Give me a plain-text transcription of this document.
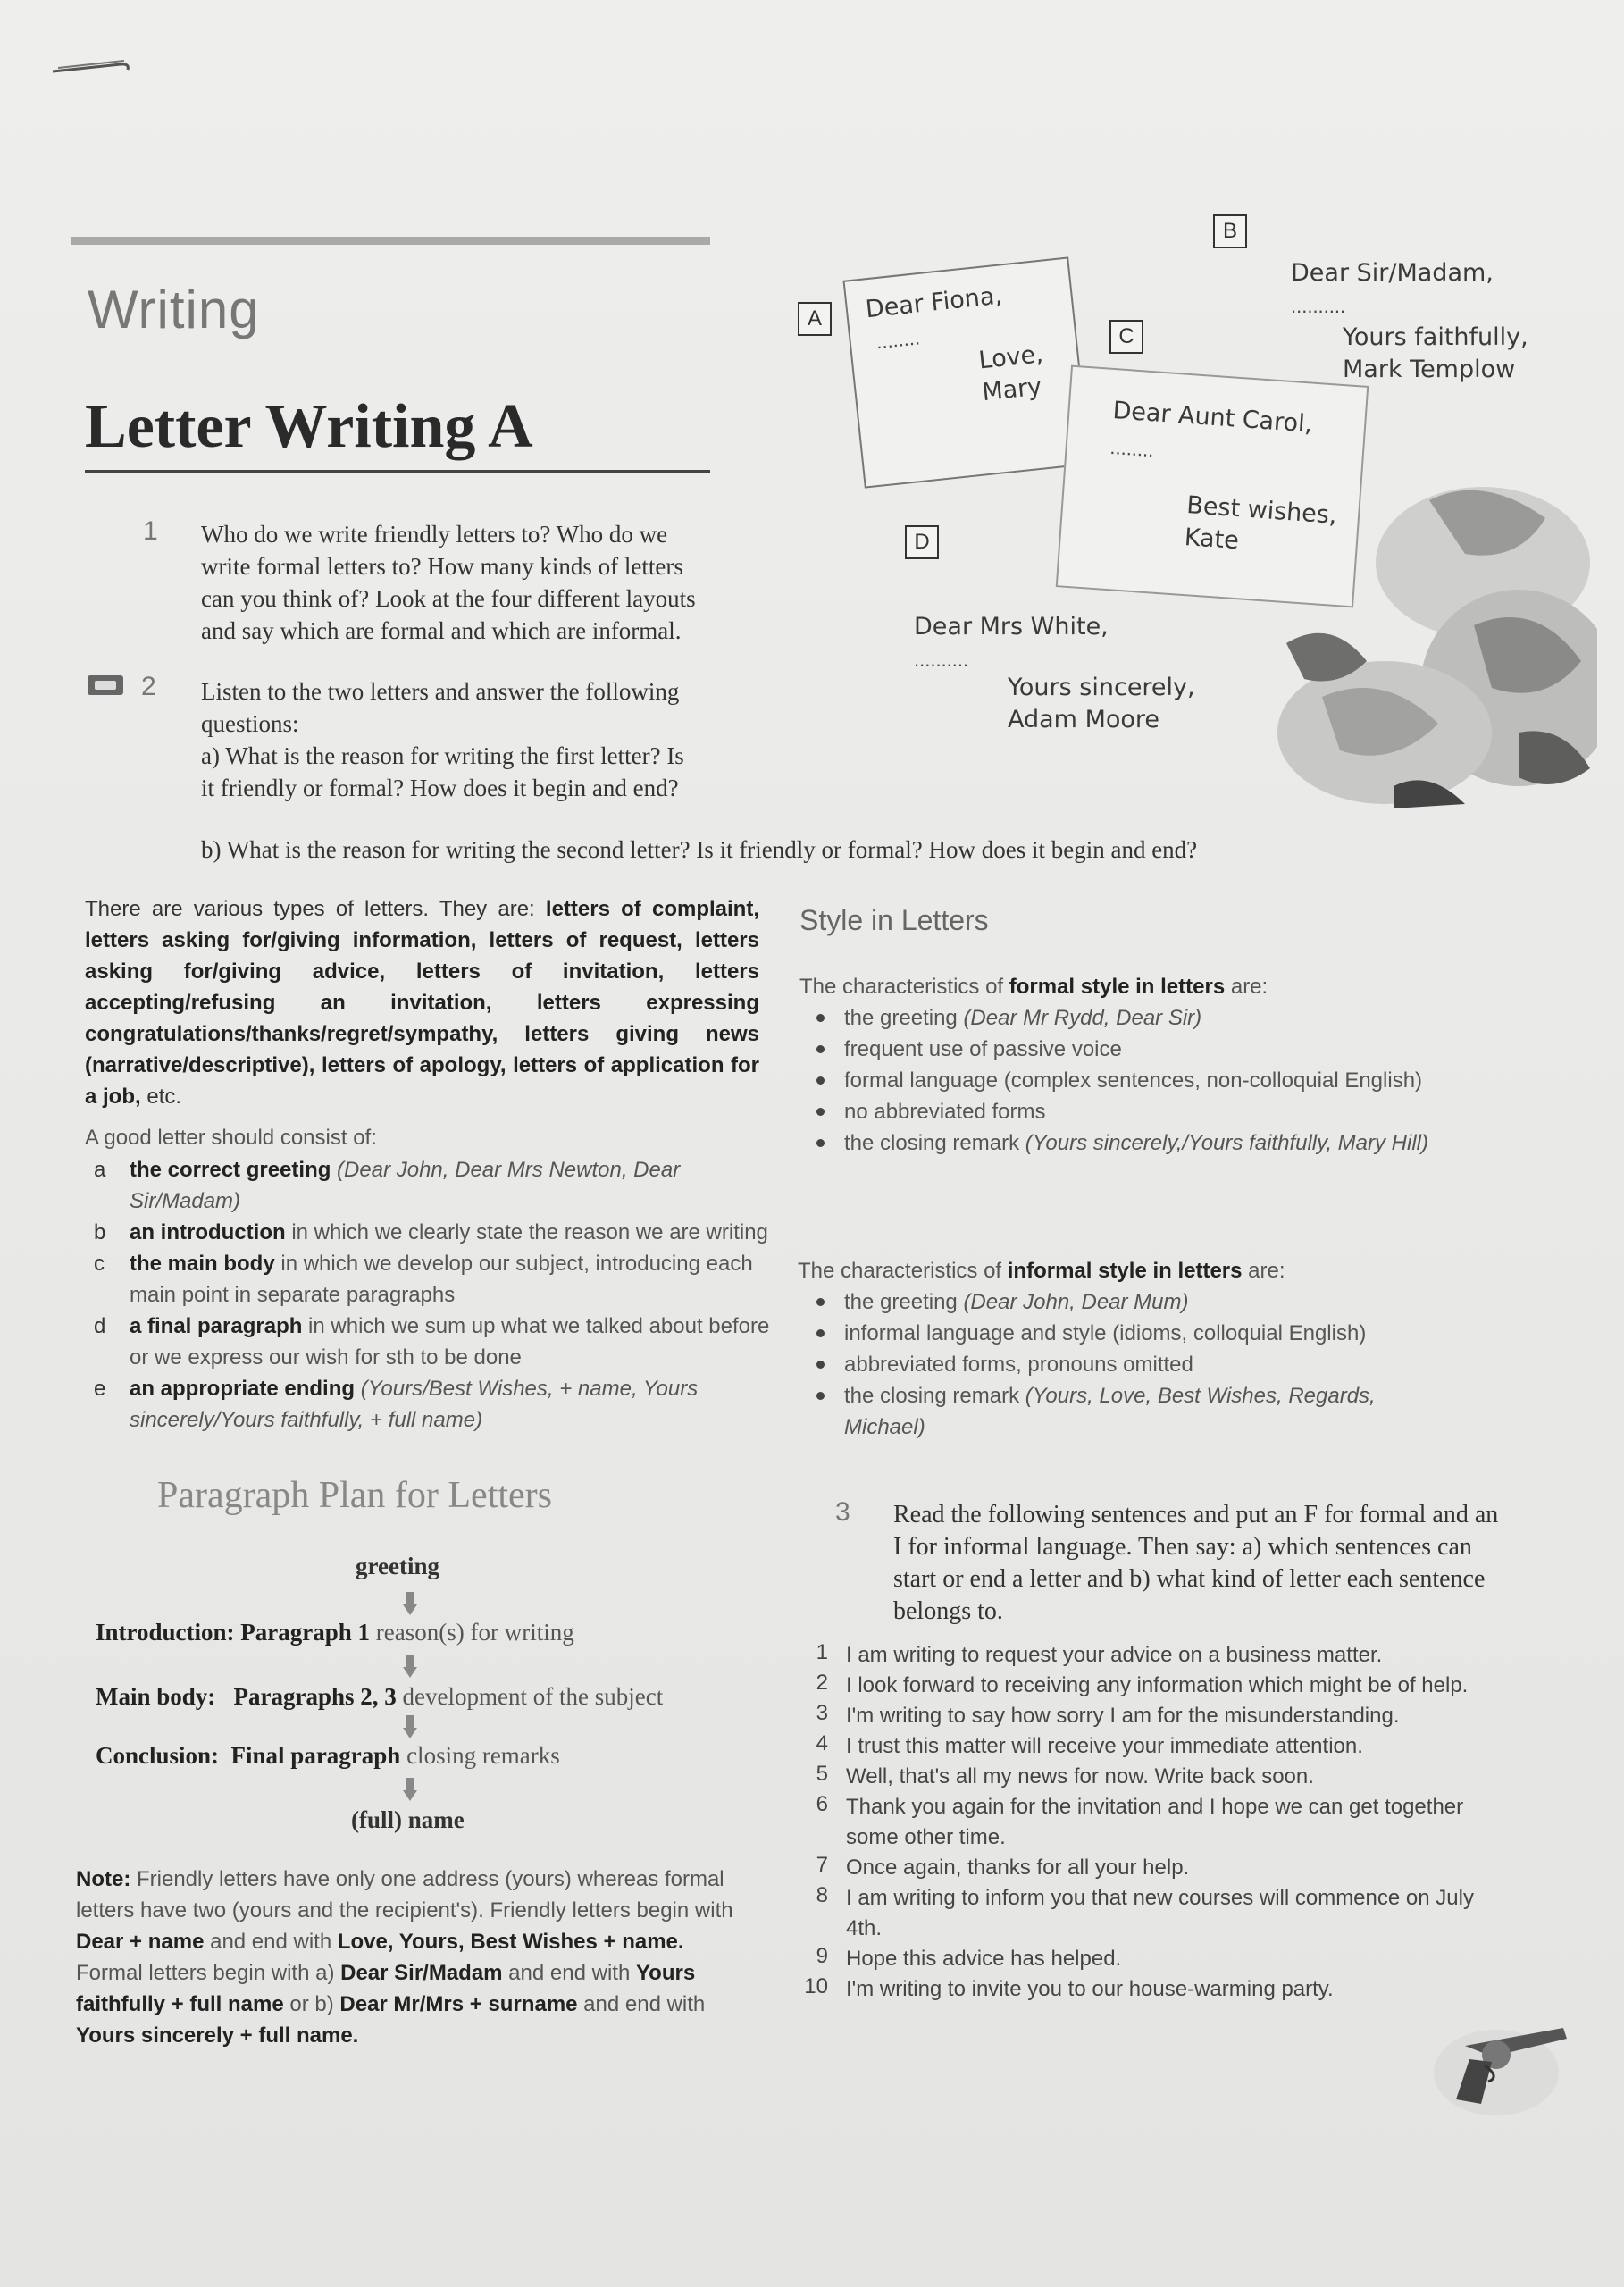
Writing
Letter Writing A
1 Who do we write friendly letters to? Who do we write formal letters to? How many kinds of letters can you think of? Look at the four different layouts and say which are formal and which are informal.
2 Listen to the two letters and answer the following questions:
a) What is the reason for writing the first letter? Is it friendly or formal? How does it begin and end?
b) What is the reason for writing the second letter? Is it friendly or formal? How does it begin and end?
A	Dear Fiona,
........
Love,
Mary
B
Dear Sir/Madam,
..........
Yours faithfully,
Mark Templow
C
Dear Aunt Carol,
........
Best wishes,
Kate
D
Dear Mrs White,
..........
Yours sincerely,
Adam Moore
There are various types of letters. They are: letters of complaint, letters asking for/giving information, letters of request, letters asking for/giving advice, letters of invitation, letters accepting/refusing an invitation, letters expressing congratulations/thanks/regret/sympathy, letters giving news (narrative/descriptive), letters of apology, letters of application for a job, etc.
A good letter should consist of:
a	the correct greeting (Dear John, Dear Mrs Newton, Dear Sir/Madam)
b	an introduction in which we clearly state the reason we are writing
c	the main body in which we develop our subject, introducing each main point in separate paragraphs
d	a final paragraph in which we sum up what we talked about before or we express our wish for sth to be done
e	an appropriate ending (Yours/Best Wishes, + name, Yours sincerely/Yours faithfully, + full name)
Paragraph Plan for Letters
greeting
Introduction: Paragraph 1 reason(s) for writing
Main body: Paragraphs 2, 3 development of the subject
Conclusion: Final paragraph closing remarks
(full) name
Note: Friendly letters have only one address (yours) whereas formal letters have two (yours and the recipient's). Friendly letters begin with Dear + name and end with Love, Yours, Best Wishes + name. Formal letters begin with a) Dear Sir/Madam and end with Yours faithfully + full name or b) Dear Mr/Mrs + surname and end with Yours sincerely + full name.
Style in Letters
The characteristics of formal style in letters are:
the greeting (Dear Mr Rydd, Dear Sir)
frequent use of passive voice
formal language (complex sentences, non-colloquial English)
no abbreviated forms
the closing remark (Yours sincerely,/Yours faithfully, Mary Hill)
The characteristics of informal style in letters are:
the greeting (Dear John, Dear Mum)
informal language and style (idioms, colloquial English)
abbreviated forms, pronouns omitted
the closing remark (Yours, Love, Best Wishes, Regards, Michael)
3 Read the following sentences and put an F for formal and an I for informal language. Then say: a) which sentences can start or end a letter and b) what kind of letter each sentence belongs to.
1 I am writing to request your advice on a business matter.
2 I look forward to receiving any information which might be of help.
3 I'm writing to say how sorry I am for the misunderstanding.
4 I trust this matter will receive your immediate attention.
5 Well, that's all my news for now. Write back soon.
6 Thank you again for the invitation and I hope we can get together some other time.
7 Once again, thanks for all your help.
8 I am writing to inform you that new courses will commence on July 4th.
9 Hope this advice has helped.
10 I'm writing to invite you to our house-warming party.
